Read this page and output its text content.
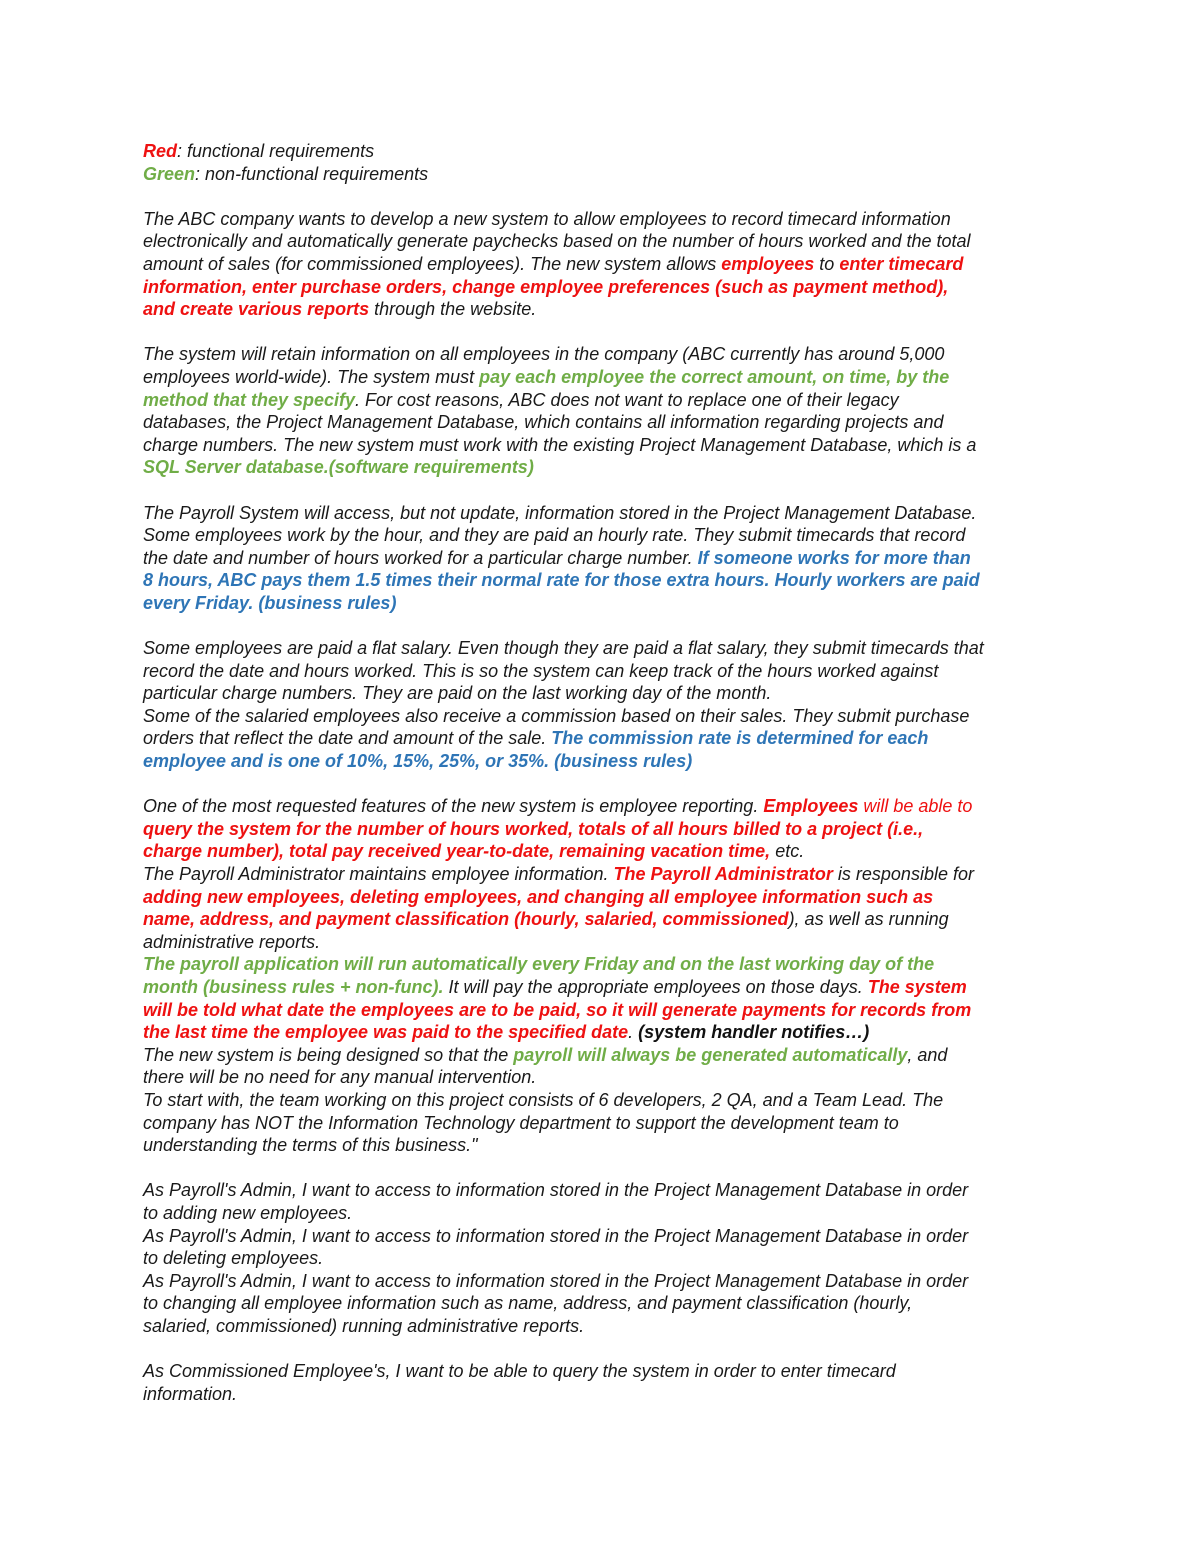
Red: functional requirements
Green: non-functional requirements
The ABC company wants to develop a new system to allow employees to record timecard information
electronically and automatically generate paychecks based on the number of hours worked and the total
amount of sales (for commissioned employees). The new system allows employees to enter timecard
information, enter purchase orders, change employee preferences (such as payment method),
and create various reports through the website.
The system will retain information on all employees in the company (ABC currently has around 5,000
employees world-wide). The system must pay each employee the correct amount, on time, by the
method that they specify. For cost reasons, ABC does not want to replace one of their legacy
databases, the Project Management Database, which contains all information regarding projects and
charge numbers. The new system must work with the existing Project Management Database, which is a
SQL Server database.(software requirements)
The Payroll System will access, but not update, information stored in the Project Management Database.
Some employees work by the hour, and they are paid an hourly rate. They submit timecards that record
the date and number of hours worked for a particular charge number. If someone works for more than
8 hours, ABC pays them 1.5 times their normal rate for those extra hours. Hourly workers are paid
every Friday. (business rules)
Some employees are paid a flat salary. Even though they are paid a flat salary, they submit timecards that
record the date and hours worked. This is so the system can keep track of the hours worked against
particular charge numbers. They are paid on the last working day of the month.
Some of the salaried employees also receive a commission based on their sales. They submit purchase
orders that reflect the date and amount of the sale. The commission rate is determined for each
employee and is one of 10%, 15%, 25%, or 35%. (business rules)
One of the most requested features of the new system is employee reporting. Employees will be able to
query the system for the number of hours worked, totals of all hours billed to a project (i.e.,
charge number), total pay received year-to-date, remaining vacation time, etc.
The Payroll Administrator maintains employee information. The Payroll Administrator is responsible for
adding new employees, deleting employees, and changing all employee information such as
name, address, and payment classification (hourly, salaried, commissioned), as well as running
administrative reports.
The payroll application will run automatically every Friday and on the last working day of the
month (business rules + non-func). It will pay the appropriate employees on those days. The system
will be told what date the employees are to be paid, so it will generate payments for records from
the last time the employee was paid to the specified date. (system handler notifies…)
The new system is being designed so that the payroll will always be generated automatically, and
there will be no need for any manual intervention.
To start with, the team working on this project consists of 6 developers, 2 QA, and a Team Lead. The
company has NOT the Information Technology department to support the development team to
understanding the terms of this business."
As Payroll's Admin, I want to access to information stored in the Project Management Database in order
to adding new employees.
As Payroll's Admin, I want to access to information stored in the Project Management Database in order
to deleting employees.
As Payroll's Admin, I want to access to information stored in the Project Management Database in order
to changing all employee information such as name, address, and payment classification (hourly,
salaried, commissioned) running administrative reports.
As Commissioned Employee's, I want to be able to query the system in order to enter timecard
information.
